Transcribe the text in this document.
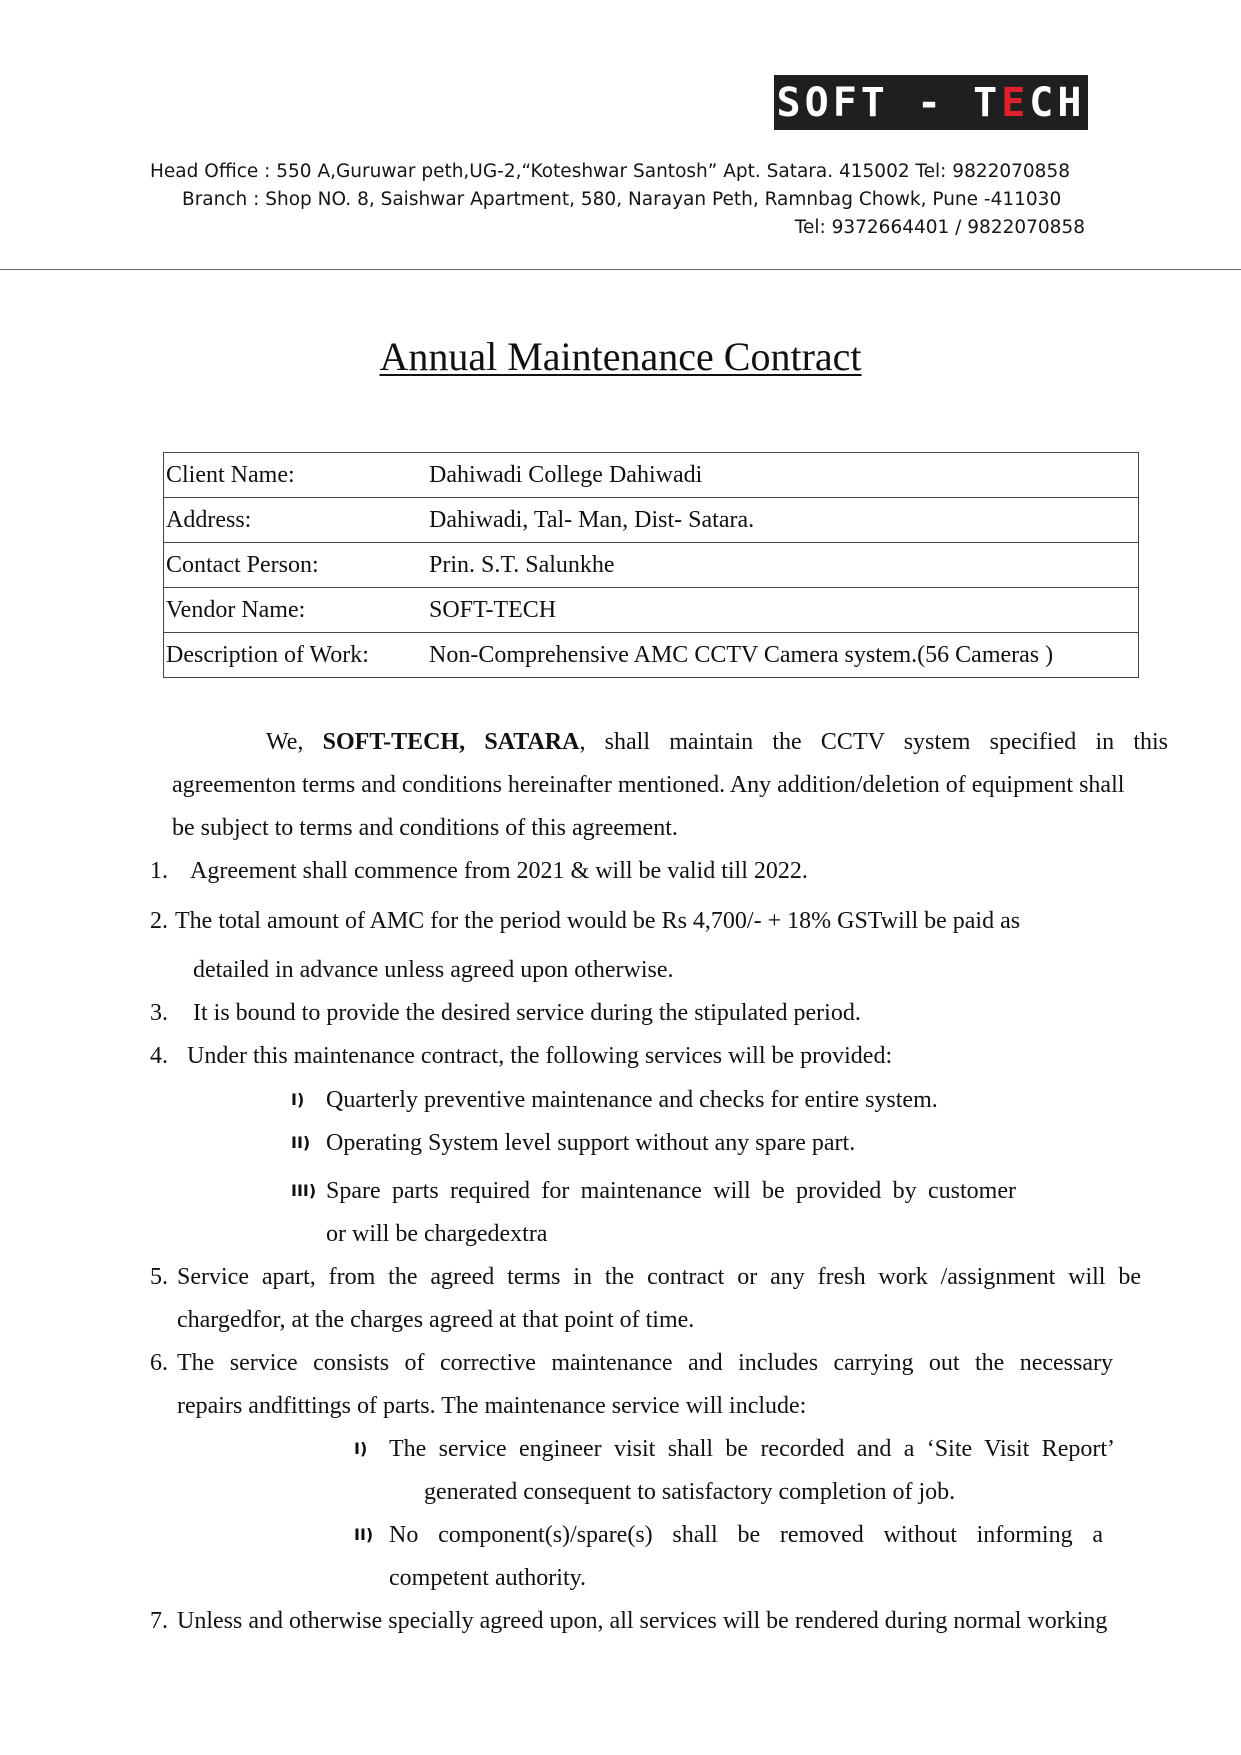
SOFT - TECH
Head Office : 550 A,Guruwar peth,UG-2,“Koteshwar Santosh” Apt. Satara. 415002 Tel: 9822070858
Branch : Shop NO. 8, Saishwar Apartment, 580, Narayan Peth, Ramnbag Chowk, Pune -411030
Tel: 9372664401 / 9822070858
Annual Maintenance Contract
Client Name:	Dahiwadi College Dahiwadi
Address:	Dahiwadi, Tal- Man, Dist- Satara.
Contact Person:	Prin. S.T. Salunkhe
Vendor Name:	SOFT-TECH
Description of Work:	Non-Comprehensive AMC CCTV Camera system.(56 Cameras )
We, SOFT-TECH, SATARA, shall maintain the CCTV system specified in this
agreementon terms and conditions hereinafter mentioned. Any addition/deletion of equipment shall
be subject to terms and conditions of this agreement.
1. Agreement shall commence from 2021 & will be valid till 2022.
2. The total amount of AMC for the period would be Rs 4,700/- + 18% GSTwill be paid as
detailed in advance unless agreed upon otherwise.
3. It is bound to provide the desired service during the stipulated period.
4. Under this maintenance contract, the following services will be provided:
I) Quarterly preventive maintenance and checks for entire system.
II) Operating System level support without any spare part.
III) Spare parts required for maintenance will be provided by customer
or will be chargedextra
5. Service apart, from the agreed terms in the contract or any fresh work /assignment will be
chargedfor, at the charges agreed at that point of time.
6. The service consists of corrective maintenance and includes carrying out the necessary
repairs andfittings of parts. The maintenance service will include:
I) The service engineer visit shall be recorded and a ‘Site Visit Report’
generated consequent to satisfactory completion of job.
II) No component(s)/spare(s) shall be removed without informing a
competent authority.
7. Unless and otherwise specially agreed upon, all services will be rendered during normal working
